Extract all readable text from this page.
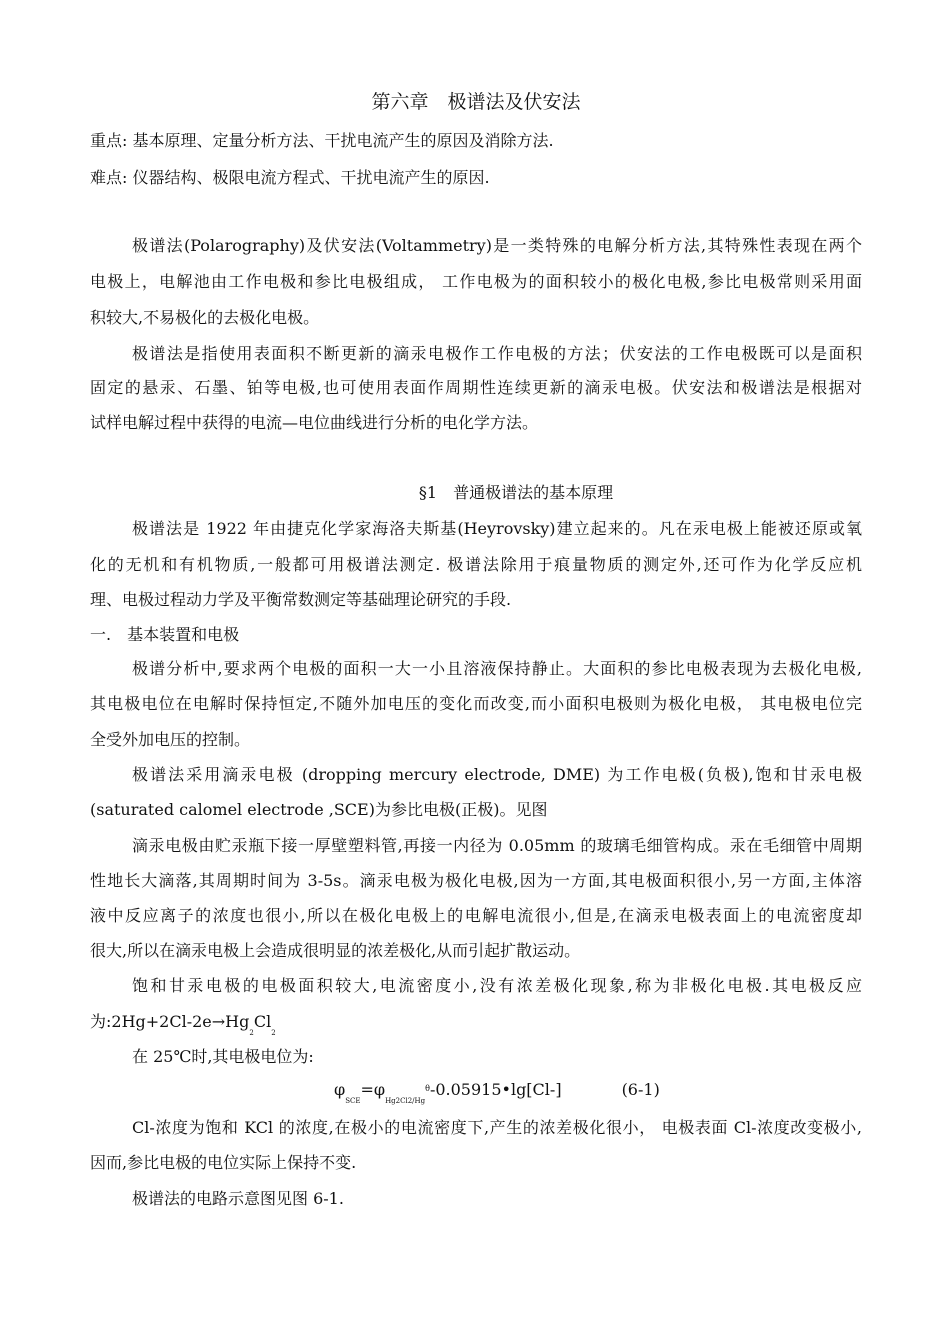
第六章　极谱法及伏安法
重点: 基本原理、定量分析方法、干扰电流产生的原因及消除方法.
难点: 仪器结构、极限电流方程式、干扰电流产生的原因.
极谱法(Polarography)及伏安法(Voltammetry)是一类特殊的电解分析方法,其特殊性表现在两个
电极上，电解池由工作电极和参比电极组成， 工作电极为的面积较小的极化电极,参比电极常则采用面
积较大,不易极化的去极化电极。
极谱法是指使用表面积不断更新的滴汞电极作工作电极的方法；伏安法的工作电极既可以是面积
固定的悬汞、石墨、铂等电极,也可使用表面作周期性连续更新的滴汞电极。伏安法和极谱法是根据对
试样电解过程中获得的电流—电位曲线进行分析的电化学方法。
§1　普通极谱法的基本原理
极谱法是 1922 年由捷克化学家海洛夫斯基(Heyrovsky)建立起来的。凡在汞电极上能被还原或氧
化的无机和有机物质,一般都可用极谱法测定. 极谱法除用于痕量物质的测定外,还可作为化学反应机
理、电极过程动力学及平衡常数测定等基础理论研究的手段.
一.　基本装置和电极
极谱分析中,要求两个电极的面积一大一小且溶液保持静止。大面积的参比电极表现为去极化电极,
其电极电位在电解时保持恒定,不随外加电压的变化而改变,而小面积电极则为极化电极， 其电极电位完
全受外加电压的控制。
极谱法采用滴汞电极 (dropping mercury electrode, DME) 为工作电极(负极),饱和甘汞电极
(saturated calomel electrode ,SCE)为参比电极(正极)。见图
滴汞电极由贮汞瓶下接一厚壁塑料管,再接一内径为 0.05mm 的玻璃毛细管构成。汞在毛细管中周期
性地长大滴落,其周期时间为 3-5s。滴汞电极为极化电极,因为一方面,其电极面积很小,另一方面,主体溶
液中反应离子的浓度也很小,所以在极化电极上的电解电流很小,但是,在滴汞电极表面上的电流密度却
很大,所以在滴汞电极上会造成很明显的浓差极化,从而引起扩散运动。
饱和甘汞电极的电极面积较大,电流密度小,没有浓差极化现象,称为非极化电极.其电极反应
为$:2Hg+2Cl-2e\to Hg_2Cl_2$
在 25℃时,其电极电位为:
$\varphi_{SCE}=\varphi_{Hg2Cl2/Hg}^\theta-0.05915•\lg[Cl-]$	(6-1)
Cl-浓度为饱和 KCl 的浓度,在极小的电流密度下,产生的浓差极化很小， 电极表面 Cl-浓度改变极小,
因而,参比电极的电位实际上保持不变.
极谱法的电路示意图见图 6-1.
